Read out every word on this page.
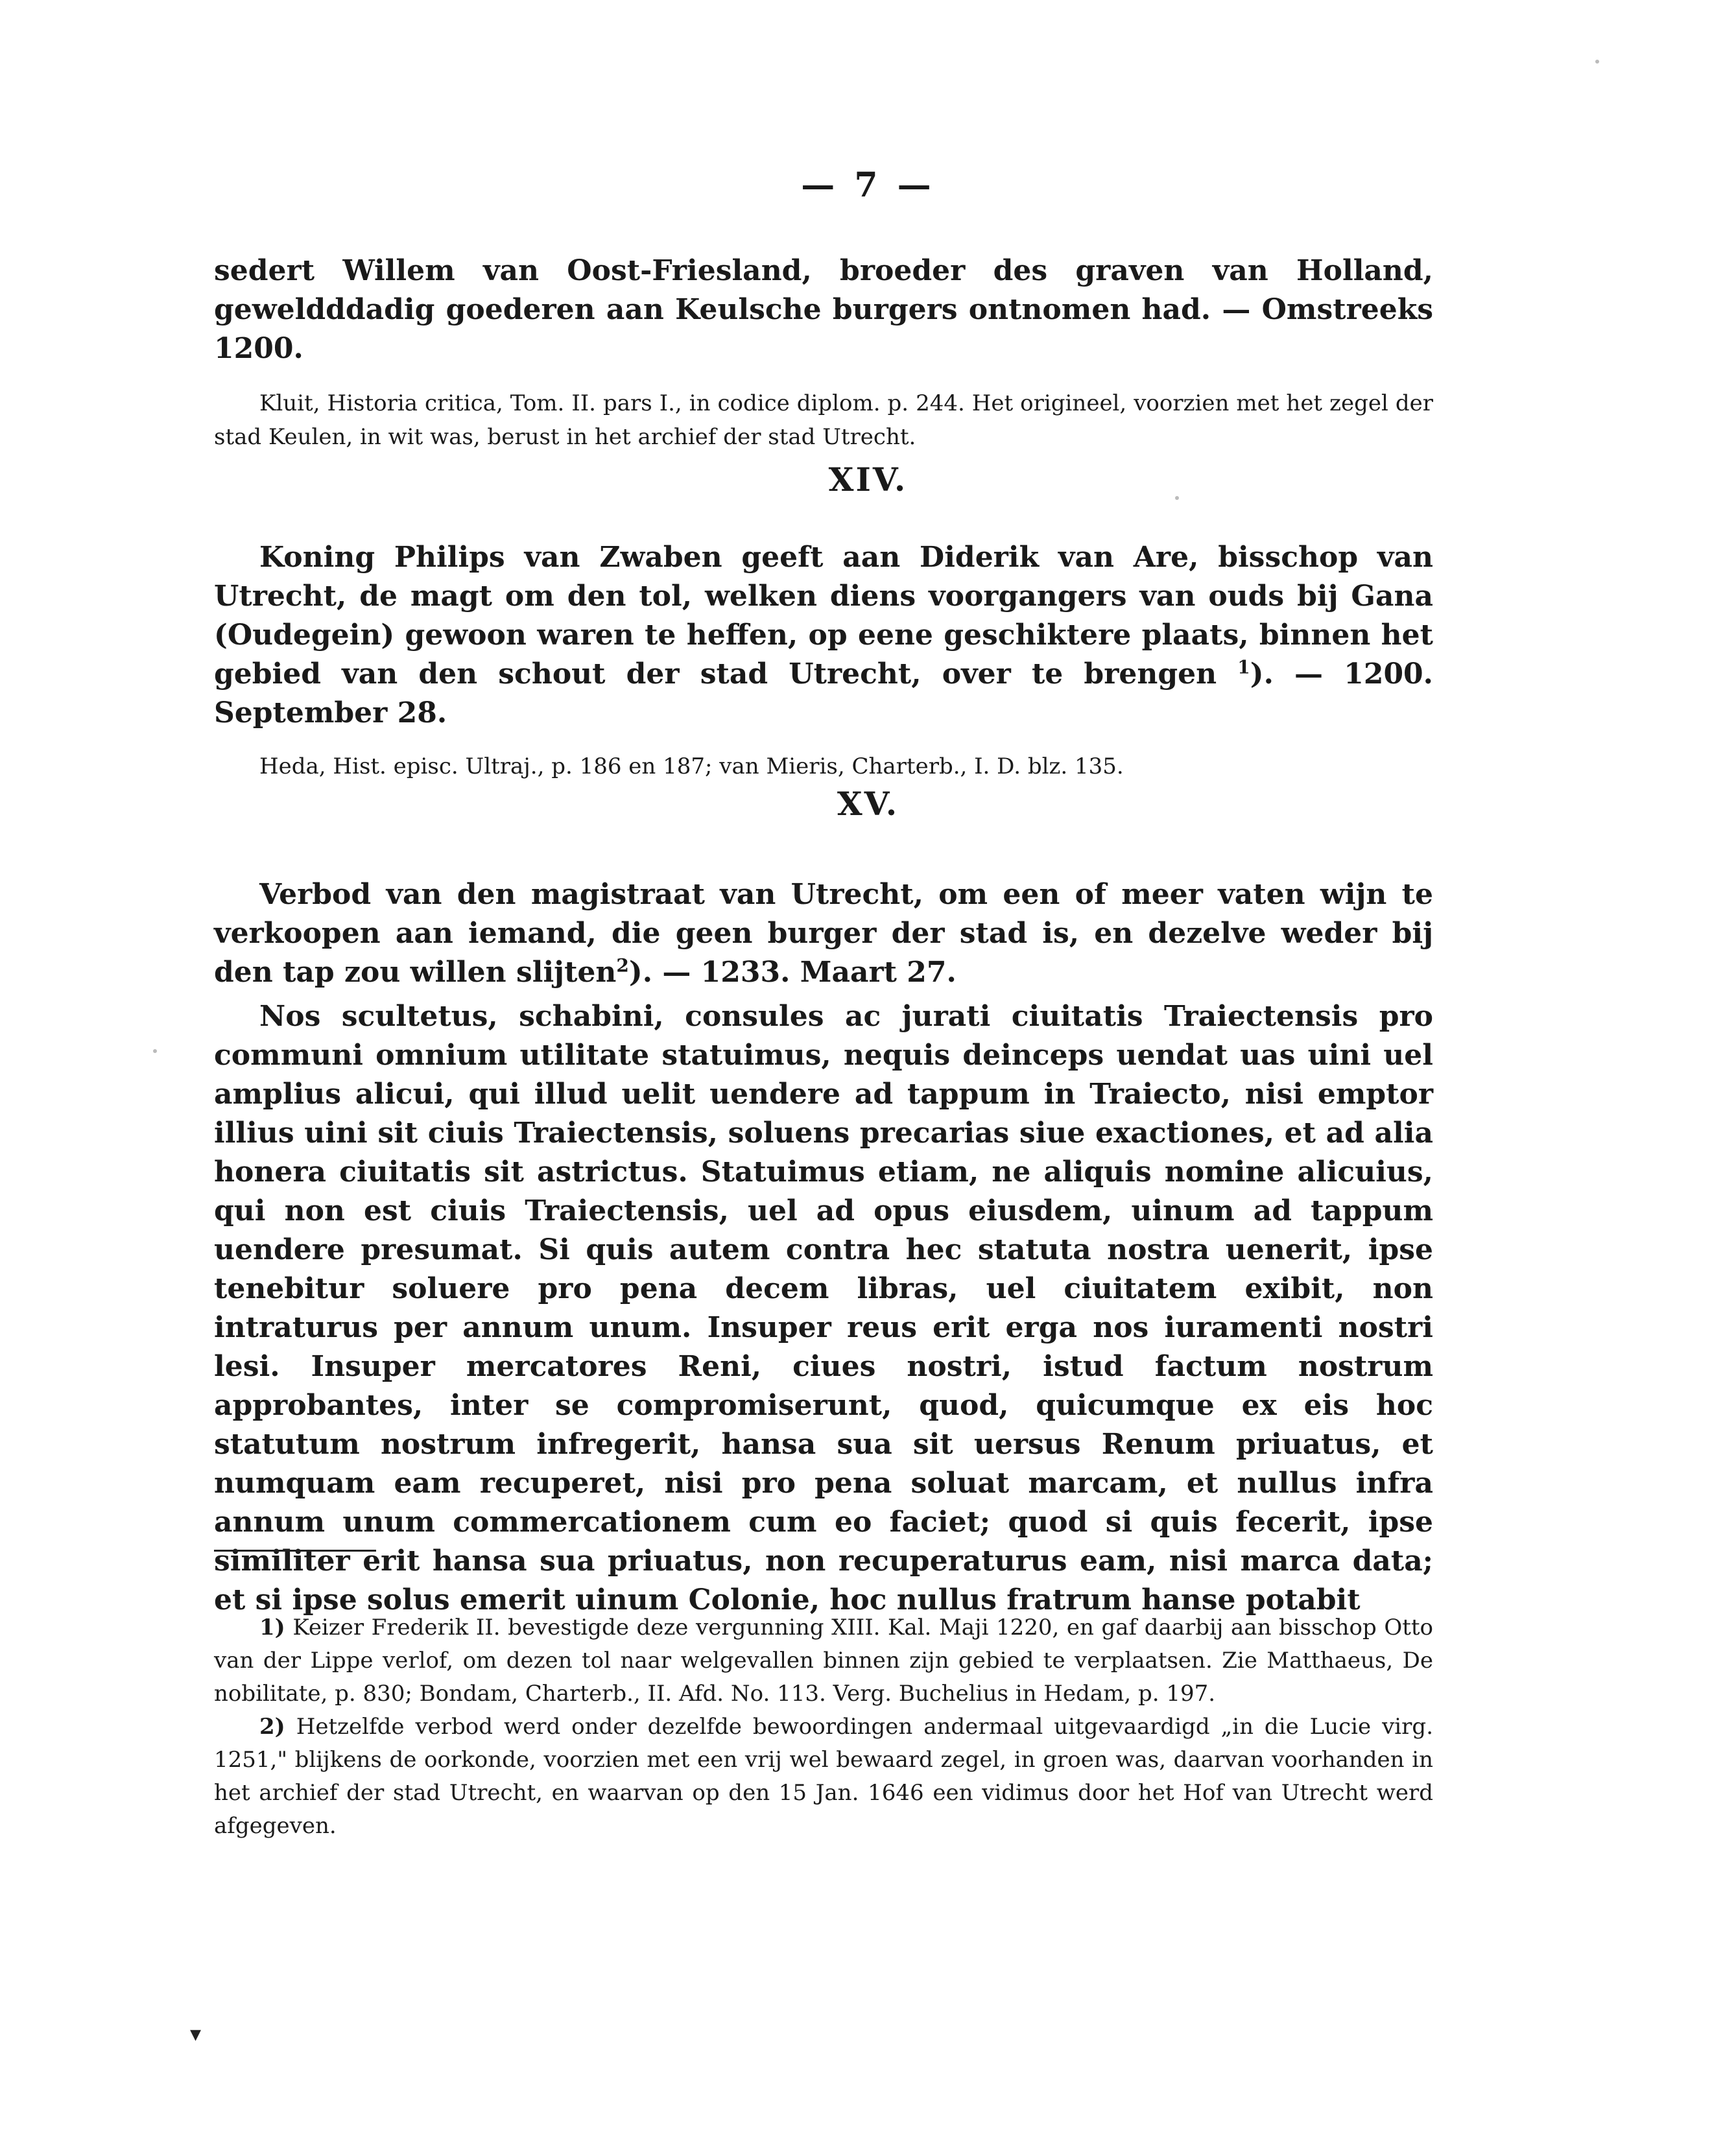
— 7 —

sedert Willem van Oost-Friesland, broeder des graven van Holland, geweldddadig goederen aan Keulsche burgers ontnomen had. — Omstreeks 1200.

Kluit, Historia critica, Tom. II. pars I., in codice diplom. p. 244. Het origineel, voorzien met het zegel der stad Keulen, in wit was, berust in het archief der stad Utrecht.

XIV.

Koning Philips van Zwaben geeft aan Diderik van Are, bisschop van Utrecht, de magt om den tol, welken diens voorgangers van ouds bij Gana (Oudegein) gewoon waren te heffen, op eene geschiktere plaats, binnen het gebied van den schout der stad Utrecht, over te brengen $^1$). — 1200. September 28.

Heda, Hist. episc. Ultraj., p. 186 en 187; van Mieris, Charterb., I. D. blz. 135.

XV.

Verbod van den magistraat van Utrecht, om een of meer vaten wijn te verkoopen aan iemand, die geen burger der stad is, en dezelve weder bij den tap zou willen slijten$^2$). — 1233. Maart 27.

Nos scultetus, schabini, consules ac jurati ciuitatis Traiectensis pro communi omnium utilitate statuimus, nequis deinceps uendat uas uini uel amplius alicui, qui illud uelit uendere ad tappum in Traiecto, nisi emptor illius uini sit ciuis Traiectensis, soluens precarias siue exactiones, et ad alia honera ciuitatis sit astrictus. Statuimus etiam, ne aliquis nomine alicuius, qui non est ciuis Traiectensis, uel ad opus eiusdem, uinum ad tappum uendere presumat. Si quis autem contra hec statuta nostra uenerit, ipse tenebitur soluere pro pena decem libras, uel ciuitatem exibit, non intraturus per annum unum. Insuper reus erit erga nos iuramenti nostri lesi. Insuper mercatores Reni, ciues nostri, istud factum nostrum approbantes, inter se compromiserunt, quod, quicumque ex eis hoc statutum nostrum infregerit, hansa sua sit uersus Renum priuatus, et numquam eam recuperet, nisi pro pena soluat marcam, et nullus infra annum unum commercationem cum eo faciet; quod si quis fecerit, ipse similiter erit hansa sua priuatus, non recuperaturus eam, nisi marca data; et si ipse solus emerit uinum Colonie, hoc nullus fratrum hanse potabit

1) Keizer Frederik II. bevestigde deze vergunning XIII. Kal. Maji 1220, en gaf daarbij aan bisschop Otto van der Lippe verlof, om dezen tol naar welgevallen binnen zijn gebied te verplaatsen. Zie Matthaeus, De nobilitate, p. 830; Bondam, Charterb., II. Afd. No. 113. Verg. Buchelius in Hedam, p. 197.

2) Hetzelfde verbod werd onder dezelfde bewoordingen andermaal uitgevaardigd „in die Lucie virg. 1251," blijkens de oorkonde, voorzien met een vrij wel bewaard zegel, in groen was, daarvan voorhanden in het archief der stad Utrecht, en waarvan op den 15 Jan. 1646 een vidimus door het Hof van Utrecht werd afgegeven.

▾
